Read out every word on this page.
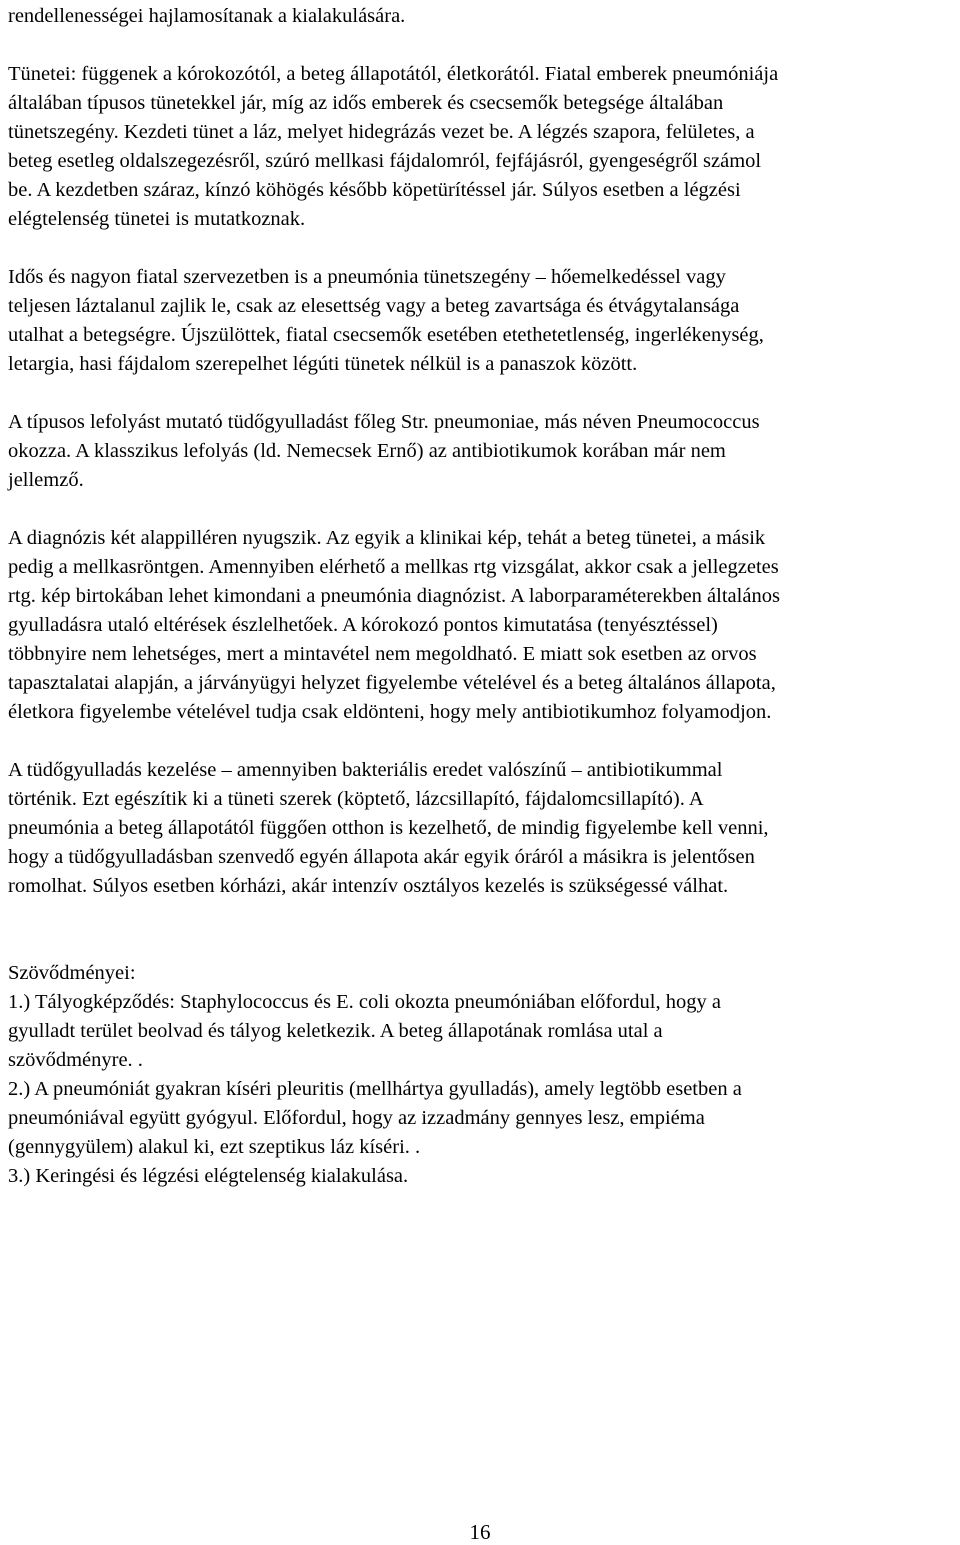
rendellenességei hajlamosítanak a kialakulására.
Tünetei: függenek a kórokozótól, a beteg állapotától, életkorától. Fiatal emberek pneumóniája
általában típusos tünetekkel jár, míg az idős emberek és csecsemők betegsége általában
tünetszegény. Kezdeti tünet a láz, melyet hidegrázás vezet be. A légzés szapora, felületes, a
beteg esetleg oldalszegezésről, szúró mellkasi fájdalomról, fejfájásról, gyengeségről számol
be. A kezdetben száraz, kínzó köhögés később köpetürítéssel jár. Súlyos esetben a légzési
elégtelenség tünetei is mutatkoznak.
Idős és nagyon fiatal szervezetben is a pneumónia tünetszegény – hőemelkedéssel vagy
teljesen láztalanul zajlik le, csak az elesettség vagy a beteg zavartsága és étvágytalansága
utalhat a betegségre. Újszülöttek, fiatal csecsemők esetében etethetetlenség, ingerlékenység,
letargia, hasi fájdalom szerepelhet légúti tünetek nélkül is a panaszok között.
A típusos lefolyást mutató tüdőgyulladást főleg Str. pneumoniae, más néven Pneumococcus
okozza. A klasszikus lefolyás (ld. Nemecsek Ernő) az antibiotikumok korában már nem
jellemző.
A diagnózis két alappilléren nyugszik. Az egyik a klinikai kép, tehát a beteg tünetei, a másik
pedig a mellkasröntgen. Amennyiben elérhető a mellkas rtg vizsgálat, akkor csak a jellegzetes
rtg. kép birtokában lehet kimondani a pneumónia diagnózist. A laborparaméterekben általános
gyulladásra utaló eltérések észlelhetőek. A kórokozó pontos kimutatása (tenyésztéssel)
többnyire nem lehetséges, mert a mintavétel nem megoldható. E miatt sok esetben az orvos
tapasztalatai alapján, a járványügyi helyzet figyelembe vételével és a beteg általános állapota,
életkora figyelembe vételével tudja csak eldönteni, hogy mely antibiotikumhoz folyamodjon.
A tüdőgyulladás kezelése – amennyiben bakteriális eredet valószínű – antibiotikummal
történik. Ezt egészítik ki a tüneti szerek (köptető, lázcsillapító, fájdalomcsillapító). A
pneumónia a beteg állapotától függően otthon is kezelhető, de mindig figyelembe kell venni,
hogy a tüdőgyulladásban szenvedő egyén állapota akár egyik óráról a másikra is jelentősen
romolhat. Súlyos esetben kórházi, akár intenzív osztályos kezelés is szükségessé válhat.
Szövődményei:
1.) Tályogképződés: Staphylococcus és E. coli okozta pneumóniában előfordul, hogy a
gyulladt terület beolvad és tályog keletkezik. A beteg állapotának romlása utal a
szövődményre. .
2.) A pneumóniát gyakran kíséri pleuritis (mellhártya gyulladás), amely legtöbb esetben a
pneumóniával együtt gyógyul. Előfordul, hogy az izzadmány gennyes lesz, empiéma
(gennygyülem) alakul ki, ezt szeptikus láz kíséri. .
3.) Keringési és légzési elégtelenség kialakulása.
16
